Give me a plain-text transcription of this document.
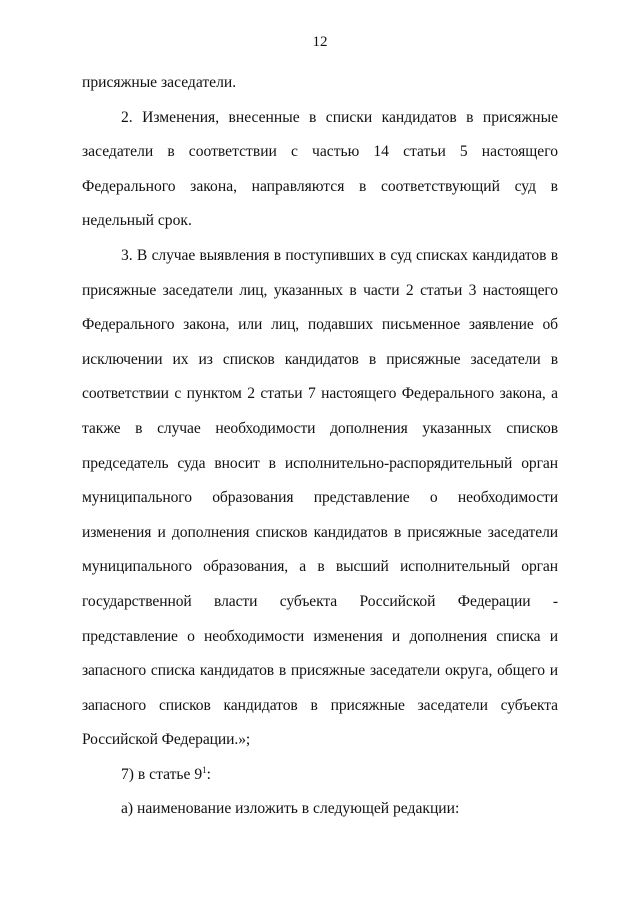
12

присяжные заседатели.

2. Изменения, внесенные в списки кандидатов в присяжные заседатели в соответствии с частью 14 статьи 5 настоящего Федерального закона, направляются в соответствующий суд в недельный срок.

3. В случае выявления в поступивших в суд списках кандидатов в присяжные заседатели лиц, указанных в части 2 статьи 3 настоящего Федерального закона, или лиц, подавших письменное заявление об исключении их из списков кандидатов в присяжные заседатели в соответствии с пунктом 2 статьи 7 настоящего Федерального закона, а также в случае необходимости дополнения указанных списков председатель суда вносит в исполнительно-распорядительный орган муниципального образования представление о необходимости изменения и дополнения списков кандидатов в присяжные заседатели муниципального образования, а в высший исполнительный орган государственной власти субъекта Российской Федерации - представление о необходимости изменения и дополнения списка и запасного списка кандидатов в присяжные заседатели округа, общего и запасного списков кандидатов в присяжные заседатели субъекта Российской Федерации.»;

7) в статье $9^1$:

а) наименование изложить в следующей редакции:
